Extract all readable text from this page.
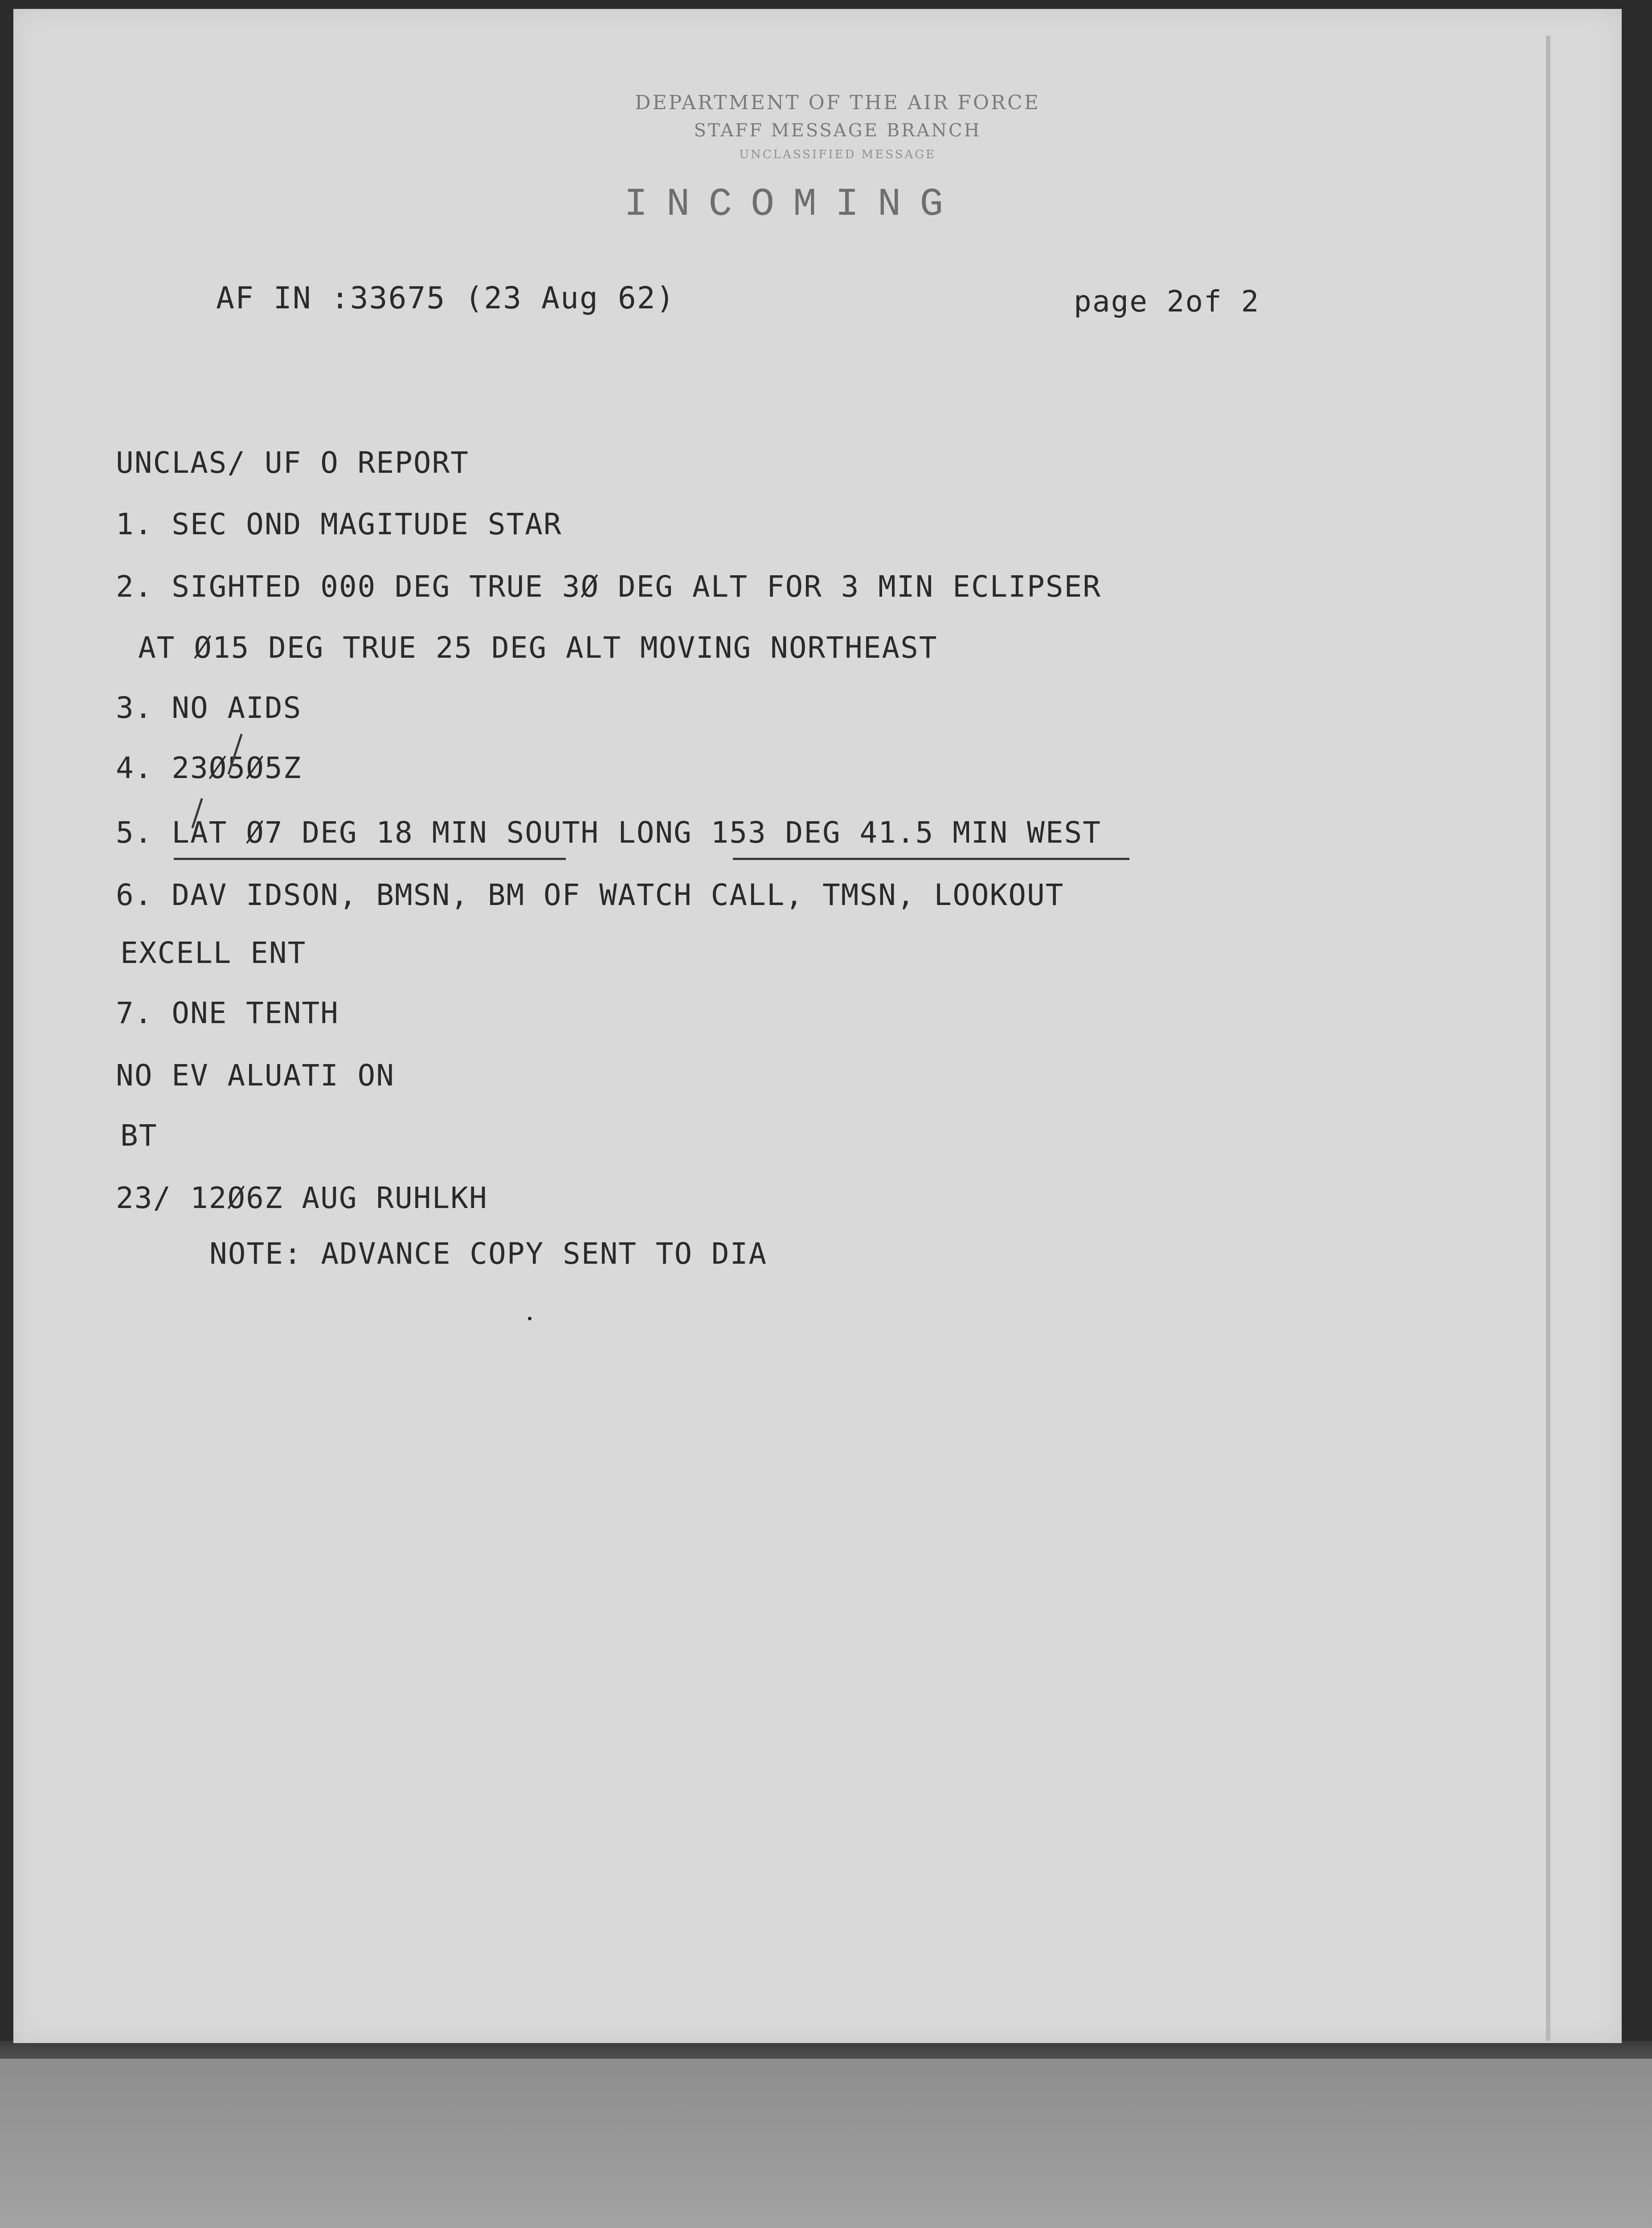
DEPARTMENT OF THE AIR FORCE
STAFF MESSAGE BRANCH
UNCLASSIFIED MESSAGE
INCOMING
AF IN :33675 (23 Aug 62)	page 2of 2
UNCLAS/ UF O REPORT
1. SEC OND MAGITUDE STAR
2. SIGHTED 000 DEG TRUE 3Ø DEG ALT FOR 3 MIN ECLIPSER
AT Ø15 DEG TRUE 25 DEG ALT MOVING NORTHEAST
3. NO AIDS
4. 23Ø5Ø5Z
5. LAT Ø7 DEG 18 MIN SOUTH LONG 153 DEG 41.5 MIN WEST
6. DAV IDSON, BMSN, BM OF WATCH CALL, TMSN, LOOKOUT
EXCELL ENT
7. ONE TENTH
NO EV ALUATI ON
BT
23/ 12Ø6Z AUG RUHLKH
NOTE: ADVANCE COPY SENT TO DIA
